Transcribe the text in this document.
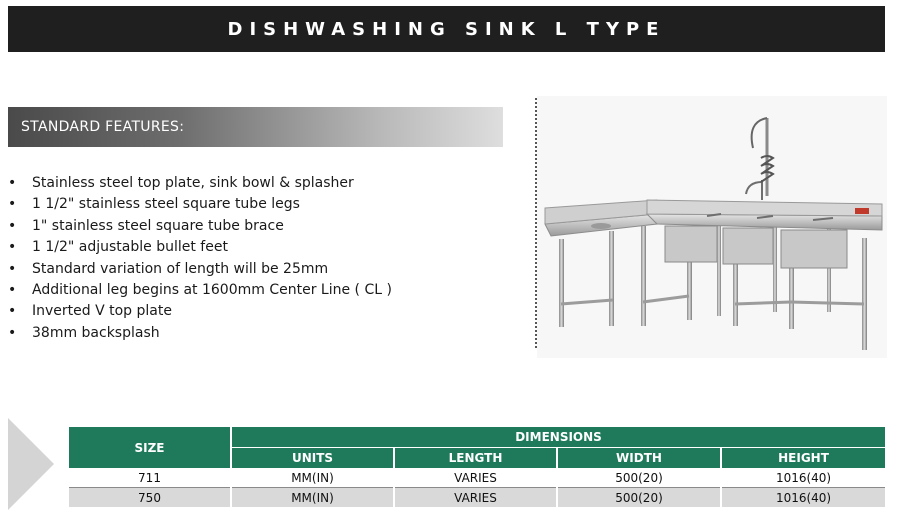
DISHWASHING SINK L TYPE
STANDARD FEATURES:
• Stainless steel top plate, sink bowl & splasher
• 1 1/2" stainless steel square tube legs
• 1" stainless steel square tube brace
• 1 1/2" adjustable bullet feet
• Standard variation of length will be 25mm
• Additional leg begins at 1600mm Center Line ( CL )
• Inverted V top plate
• 38mm backsplash
SIZE	DIMENSIONS			
	UNITS	LENGTH	WIDTH	HEIGHT
711	MM(IN)	VARIES	500(20)	1016(40)
750	MM(IN)	VARIES	500(20)	1016(40)
